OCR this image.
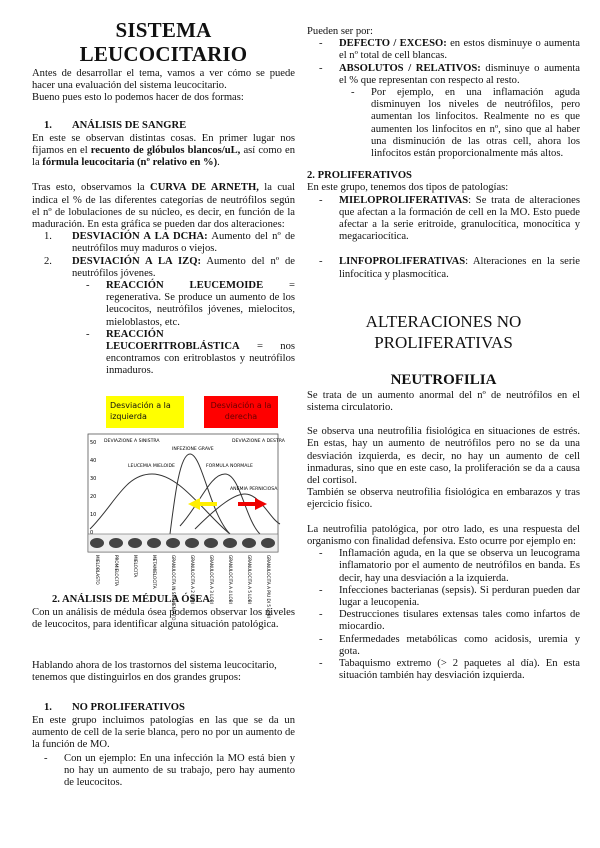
SISTEMA LEUCOCITARIO

Antes de desarrollar el tema, vamos a ver cómo se puede hacer una evaluación del sistema leucocitario.

Bueno pues esto lo podemos hacer de dos formas:

1.	ANÁLISIS DE SANGRE

En este se observan distintas cosas. En primer lugar nos fijamos en el recuento de glóbulos blancos/uL, así como en la fórmula leucocitaria (nº relativo en %).

Tras esto, observamos la CURVA DE ARNETH, la cual indica el % de las diferentes categorías de neutrófilos según el nº de lobulaciones de su núcleo, es decir, en función de la maduración. En esta gráfica se pueden dar dos alteraciones:

1.	DESVIACIÓN A LA DCHA: Aumento del nº de neutrófilos muy maduros o viejos.
2.	DESVIACIÓN A LA IZQ: Aumento del nº de neutrófilos jóvenes.
-	REACCIÓN LEUCEMOIDE = regenerativa. Se produce un aumento de los leucocitos, neutrófilos jóvenes, mielocitos, mieloblastos, etc.
-	REACCIÓN LEUCOERITROBLÁSTICA = nos encontramos con eritroblastos y neutrófilos inmaduros.
Desviación a la izquierda
Desviación a la derecha
50
40
30
20
10
0
MIELOBLASTO	PROMIELOCITA	MIELOCITA	METAMIELOCITA	GRANULOCITA IN SEGMENTATO	GRANULOCITA A 2 LOBI	GRANULOCITA A 3 LOBI	GRANULOCITA A 4 LOBI	GRANULOCITA A 5 LOBI	GRANULOCITA A PIU DI 5 LOBI
DEVIAZIONE A SINISTRA
LEUCEMIA MIELOIDE
INFEZIONE GRAVE
FORMULA NORMALE
ANEMIA PERNICIOSA
DEVIAZIONE A DESTRA
2. ANÁLISIS DE MÉDULA ÓSEA

Con un análisis de médula ósea podemos observar los niveles de leucocitos, para identificar alguna situación patológica.

Hablando ahora de los trastornos del sistema leucocitario, tenemos que distinguirlos en dos grandes grupos:

1.	NO PROLIFERATIVOS

En este grupo incluimos patologías en las que se da un aumento de cell de la serie blanca, pero no por un aumento de la función de MO.

-	Con un ejemplo: En una infección la MO está bien y no hay un aumento de su trabajo, pero hay aumento de leucocitos.

Pueden ser por:

-	DEFECTO / EXCESO: en estos disminuye o aumenta el nº total de cell blancas.
-	ABSOLUTOS / RELATIVOS: disminuye o aumenta el % que representan con respecto al resto.
-	Por ejemplo, en una inflamación aguda disminuyen los niveles de neutrófilos, pero aumentan los linfocitos. Realmente no es que aumenten los linfocitos en nº, sino que al haber una disminución de las otras cell, ahora los linfocitos están proporcionalmente más altos.
2. PROLIFERATIVOS

En este grupo, tenemos dos tipos de patologías:

-	MIELOPROLIFERATIVAS: Se trata de alteraciones que afectan a la formación de cell en la MO. Esto puede afectar a la serie eritroide, granulocítica, monocítica y megacariocítica.
-	LINFOPROLIFERATIVAS: Alteraciones en la serie linfocítica y plasmocítica.
ALTERACIONES NO PROLIFERATIVAS
NEUTROFILIA

Se trata de un aumento anormal del nº de neutrófilos en el sistema circulatorio.

Se observa una neutrofilia fisiológica en situaciones de estrés. En estas, hay un aumento de neutrófilos pero no se da una desviación izquierda, es decir, no hay un aumento de cell inmaduras, sino que en este caso, la proliferación se da a causa del cortisol.

También se observa neutrofilia fisiológica en embarazos y tras ejercicio físico.

La neutrofilia patológica, por otro lado, es una respuesta del organismo con finalidad defensiva. Esto ocurre por ejemplo en:

-	Inflamación aguda, en la que se observa un leucograma inflamatorio por el aumento de neutrófilos en banda. Es decir, hay una desviación a la izquierda.
-	Infecciones bacterianas (sepsis). Si perduran pueden dar lugar a leucopenia.
-	Destrucciones tisulares extensas tales como infartos de miocardio.
-	Enfermedades metabólicas como acidosis, uremia y gota.
-	Tabaquismo extremo (> 2 paquetes al día). En esta situación también hay desviación izquierda.
